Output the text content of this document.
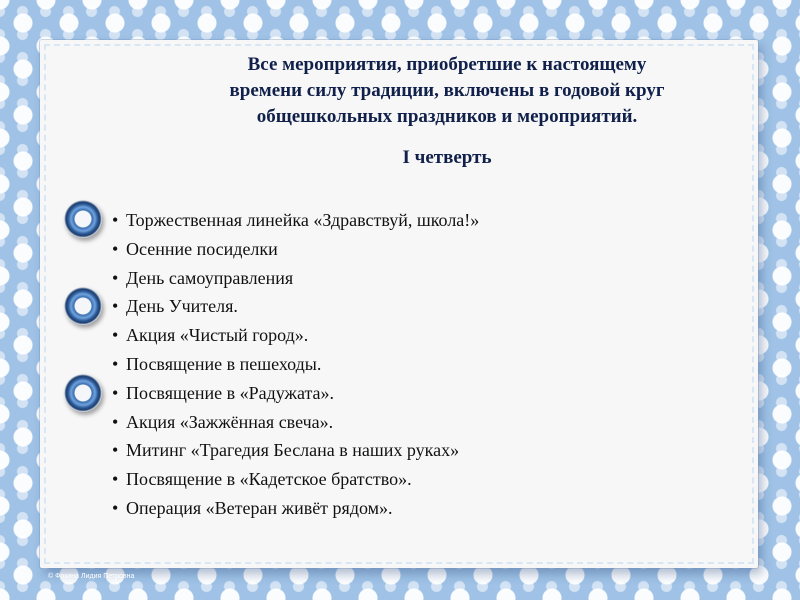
Все мероприятия, приобретшие к настоящему
времени силу традиции, включены в годовой круг
общешкольных праздников и мероприятий.
I четверть
• Торжественная линейка «Здравствуй, школа!»
• Осенние посиделки
• День самоуправления
• День Учителя.
• Акция «Чистый город».
• Посвящение в пешеходы.
• Посвящение в «Радужата».
• Акция «Зажжённая свеча».
• Митинг «Трагедия Беслана в наших руках»
• Посвящение в «Кадетское братство».
• Операция «Ветеран живёт рядом».
© Фокина Лидия Петровна
